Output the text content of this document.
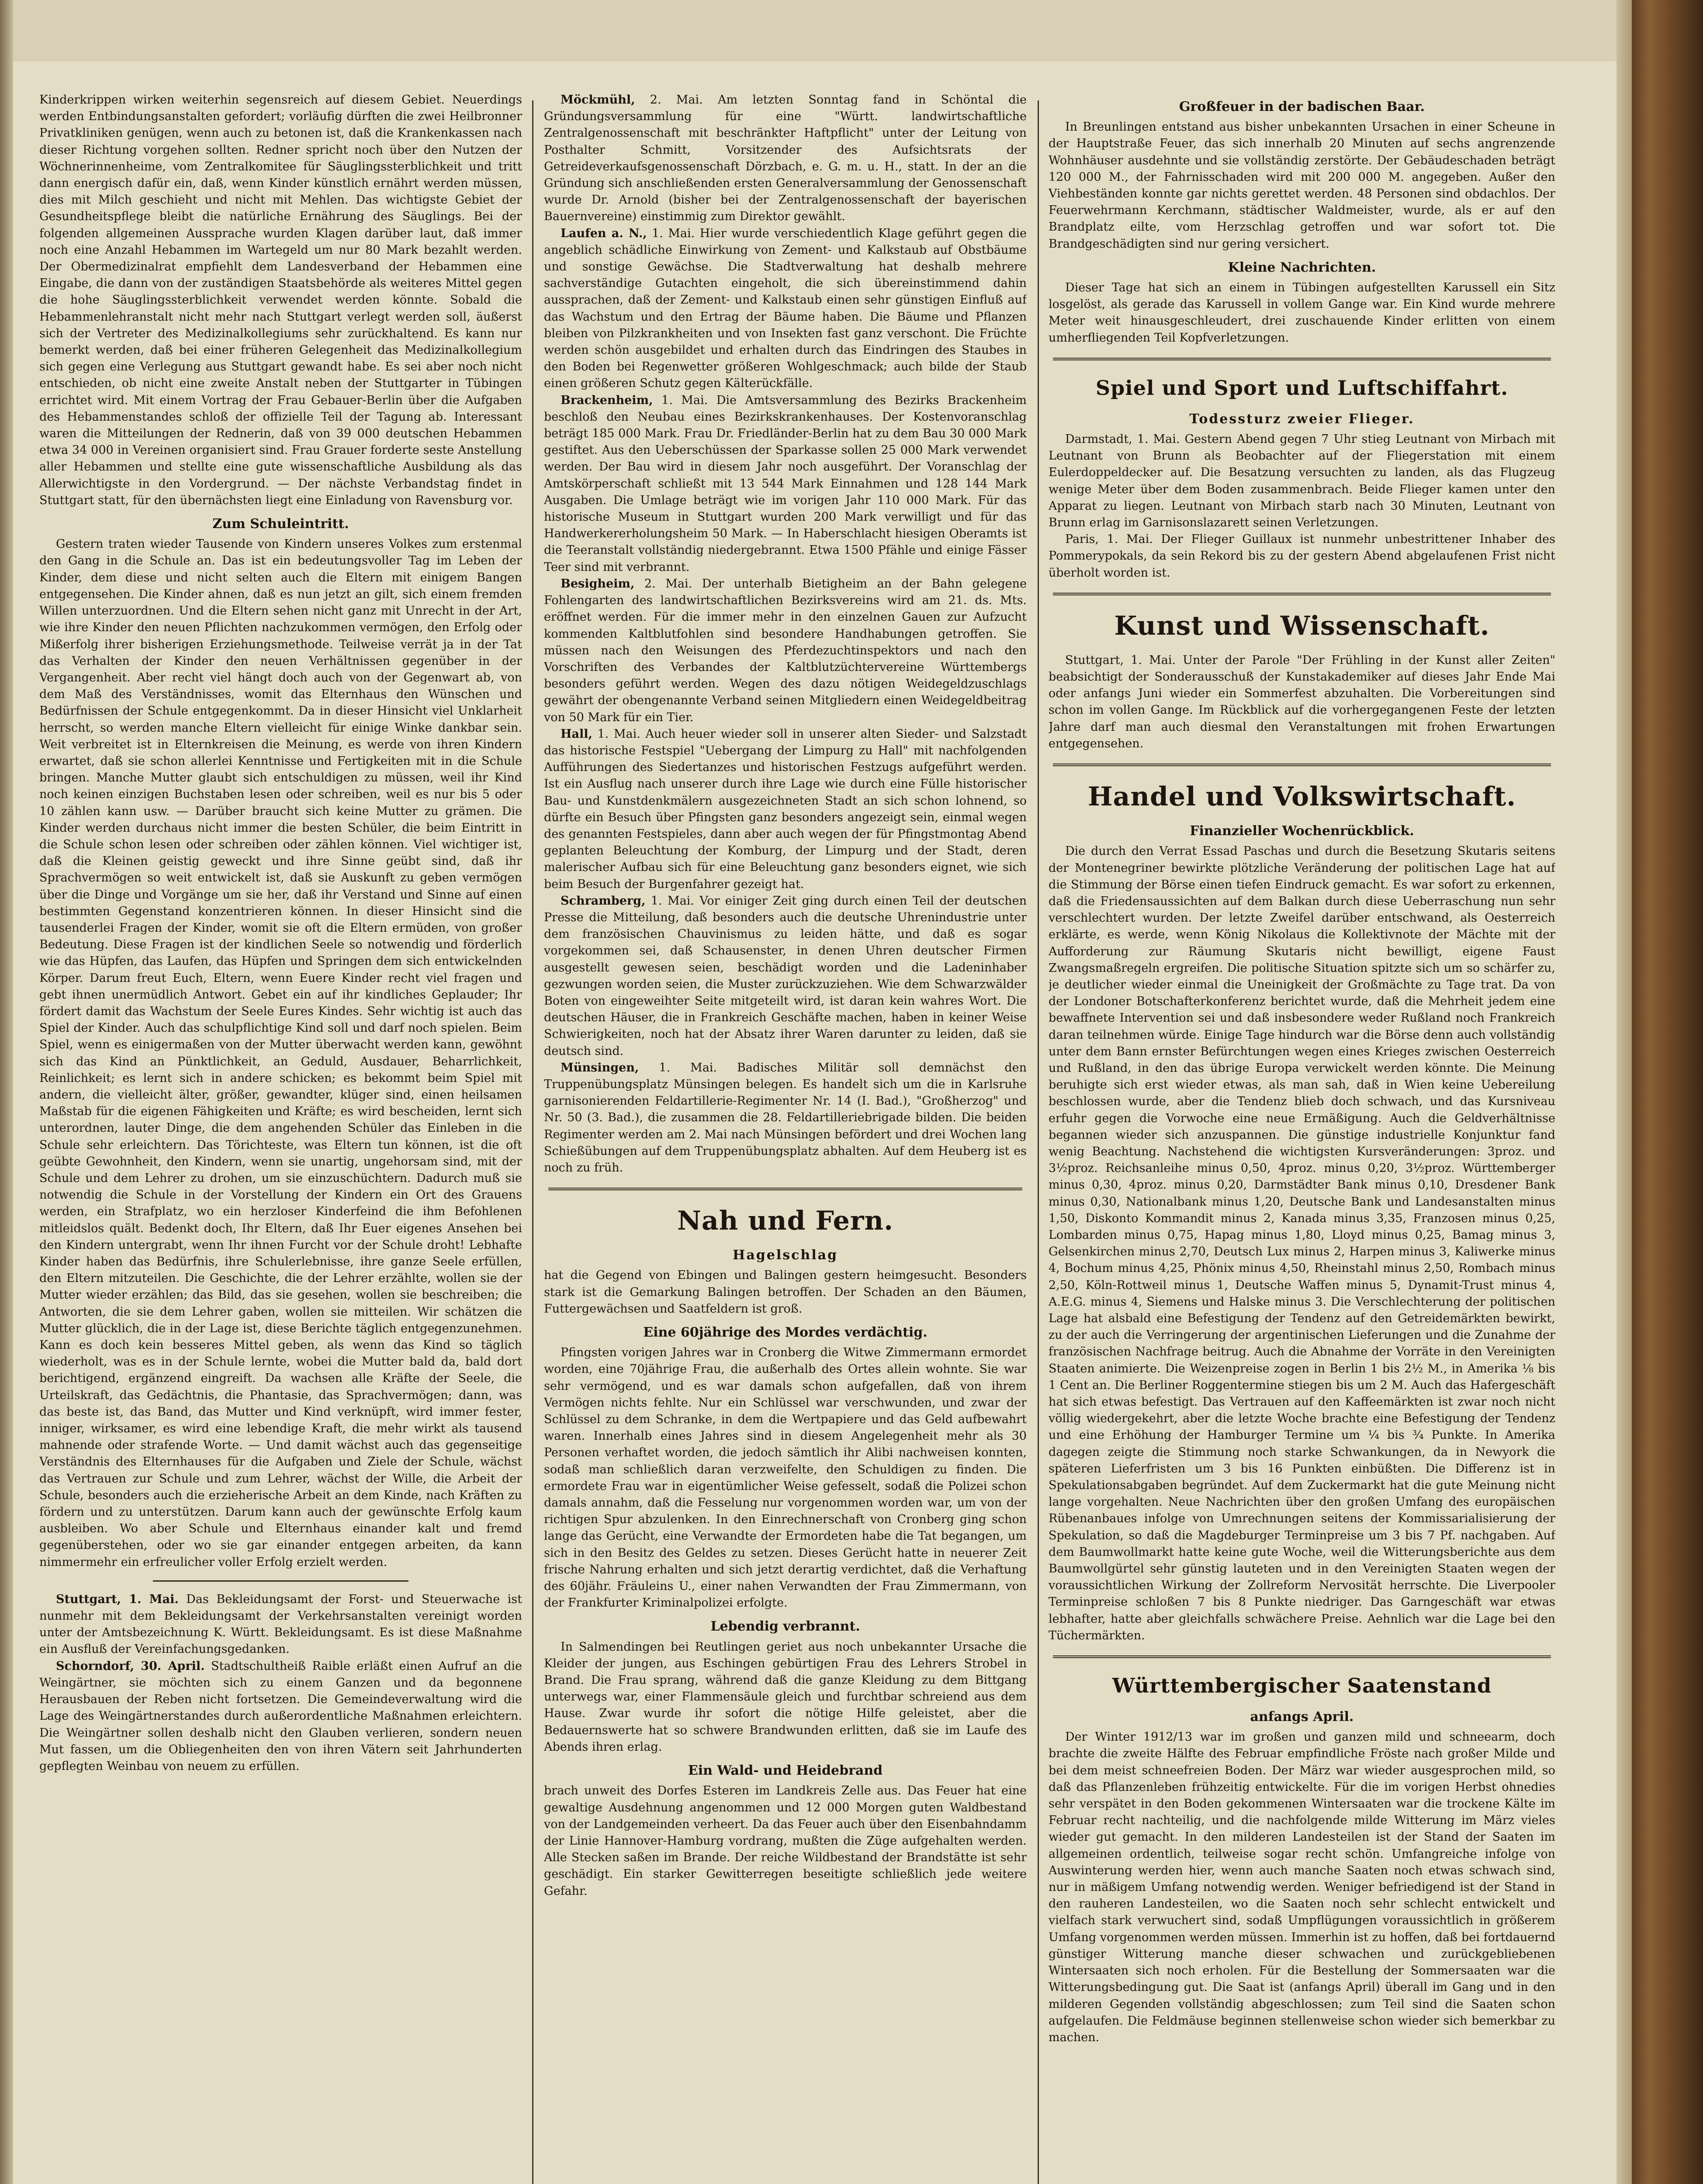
Kinderkrippen wirken weiterhin segensreich auf diesem Gebiet. Neuerdings werden Entbindungsanstalten gefordert; vorläufig dürften die zwei Heilbronner Privatkliniken genügen, wenn auch zu betonen ist, daß die Krankenkassen nach dieser Richtung vorgehen sollten. Redner spricht noch über den Nutzen der Wöchnerinnenheime, vom Zentralkomitee für Säuglingssterblichkeit und tritt dann energisch dafür ein, daß, wenn Kinder künstlich ernährt werden müssen, dies mit Milch geschieht und nicht mit Mehlen. Das wichtigste Gebiet der Gesundheitspflege bleibt die natürliche Ernährung des Säuglings. Bei der folgenden allgemeinen Aussprache wurden Klagen darüber laut, daß immer noch eine Anzahl Hebammen im Wartegeld um nur 80 Mark bezahlt werden. Der Obermedizinalrat empfiehlt dem Landesverband der Hebammen eine Eingabe, die dann von der zuständigen Staatsbehörde als weiteres Mittel gegen die hohe Säuglingssterblichkeit verwendet werden könnte. Sobald die Hebammenlehranstalt nicht mehr nach Stuttgart verlegt werden soll, äußerst sich der Vertreter des Medizinalkollegiums sehr zurückhaltend. Es kann nur bemerkt werden, daß bei einer früheren Gelegenheit das Medizinalkollegium sich gegen eine Verlegung aus Stuttgart gewandt habe. Es sei aber noch nicht entschieden, ob nicht eine zweite Anstalt neben der Stuttgarter in Tübingen errichtet wird. Mit einem Vortrag der Frau Gebauer-Berlin über die Aufgaben des Hebammenstandes schloß der offizielle Teil der Tagung ab. Interessant waren die Mitteilungen der Rednerin, daß von 39 000 deutschen Hebammen etwa 34 000 in Vereinen organisiert sind. Frau Grauer forderte seste Anstellung aller Hebammen und stellte eine gute wissenschaftliche Ausbildung als das Allerwichtigste in den Vordergrund. — Der nächste Verbandstag findet in Stuttgart statt, für den übernächsten liegt eine Einladung von Ravensburg vor.

Zum Schuleintritt.

Gestern traten wieder Tausende von Kindern unseres Volkes zum erstenmal den Gang in die Schule an. Das ist ein bedeutungsvoller Tag im Leben der Kinder, dem diese und nicht selten auch die Eltern mit einigem Bangen entgegensehen. Die Kinder ahnen, daß es nun jetzt an gilt, sich einem fremden Willen unterzuordnen. Und die Eltern sehen nicht ganz mit Unrecht in der Art, wie ihre Kinder den neuen Pflichten nachzukommen vermögen, den Erfolg oder Mißerfolg ihrer bisherigen Erziehungsmethode. Teilweise verrät ja in der Tat das Verhalten der Kinder den neuen Verhältnissen gegenüber in der Vergangenheit. Aber recht viel hängt doch auch von der Gegenwart ab, von dem Maß des Verständnisses, womit das Elternhaus den Wünschen und Bedürfnissen der Schule entgegenkommt. Da in dieser Hinsicht viel Unklarheit herrscht, so werden manche Eltern vielleicht für einige Winke dankbar sein. Weit verbreitet ist in Elternkreisen die Meinung, es werde von ihren Kindern erwartet, daß sie schon allerlei Kenntnisse und Fertigkeiten mit in die Schule bringen. Manche Mutter glaubt sich entschuldigen zu müssen, weil ihr Kind noch keinen einzigen Buchstaben lesen oder schreiben, weil es nur bis 5 oder 10 zählen kann usw. — Darüber braucht sich keine Mutter zu grämen. Die Kinder werden durchaus nicht immer die besten Schüler, die beim Eintritt in die Schule schon lesen oder schreiben oder zählen können. Viel wichtiger ist, daß die Kleinen geistig geweckt und ihre Sinne geübt sind, daß ihr Sprachvermögen so weit entwickelt ist, daß sie Auskunft zu geben vermögen über die Dinge und Vorgänge um sie her, daß ihr Verstand und Sinne auf einen bestimmten Gegenstand konzentrieren können. In dieser Hinsicht sind die tausenderlei Fragen der Kinder, womit sie oft die Eltern ermüden, von großer Bedeutung. Diese Fragen ist der kindlichen Seele so notwendig und förderlich wie das Hüpfen, das Laufen, das Hüpfen und Springen dem sich entwickelnden Körper. Darum freut Euch, Eltern, wenn Euere Kinder recht viel fragen und gebt ihnen unermüdlich Antwort. Gebet ein auf ihr kindliches Geplauder; Ihr fördert damit das Wachstum der Seele Eures Kindes. Sehr wichtig ist auch das Spiel der Kinder. Auch das schulpflichtige Kind soll und darf noch spielen. Beim Spiel, wenn es einigermaßen von der Mutter überwacht werden kann, gewöhnt sich das Kind an Pünktlichkeit, an Geduld, Ausdauer, Beharrlichkeit, Reinlichkeit; es lernt sich in andere schicken; es bekommt beim Spiel mit andern, die vielleicht älter, größer, gewandter, klüger sind, einen heilsamen Maßstab für die eigenen Fähigkeiten und Kräfte; es wird bescheiden, lernt sich unterordnen, lauter Dinge, die dem angehenden Schüler das Einleben in die Schule sehr erleichtern. Das Törichteste, was Eltern tun können, ist die oft geübte Gewohnheit, den Kindern, wenn sie unartig, ungehorsam sind, mit der Schule und dem Lehrer zu drohen, um sie einzuschüchtern. Dadurch muß sie notwendig die Schule in der Vorstellung der Kindern ein Ort des Grauens werden, ein Strafplatz, wo ein herzloser Kinderfeind die ihm Befohlenen mitleidslos quält. Bedenkt doch, Ihr Eltern, daß Ihr Euer eigenes Ansehen bei den Kindern untergrabt, wenn Ihr ihnen Furcht vor der Schule droht! Lebhafte Kinder haben das Bedürfnis, ihre Schulerlebnisse, ihre ganze Seele erfüllen, den Eltern mitzuteilen. Die Geschichte, die der Lehrer erzählte, wollen sie der Mutter wieder erzählen; das Bild, das sie gesehen, wollen sie beschreiben; die Antworten, die sie dem Lehrer gaben, wollen sie mitteilen. Wir schätzen die Mutter glücklich, die in der Lage ist, diese Berichte täglich entgegenzunehmen. Kann es doch kein besseres Mittel geben, als wenn das Kind so täglich wiederholt, was es in der Schule lernte, wobei die Mutter bald da, bald dort berichtigend, ergänzend eingreift. Da wachsen alle Kräfte der Seele, die Urteilskraft, das Gedächtnis, die Phantasie, das Sprachvermögen; dann, was das beste ist, das Band, das Mutter und Kind verknüpft, wird immer fester, inniger, wirksamer, es wird eine lebendige Kraft, die mehr wirkt als tausend mahnende oder strafende Worte. — Und damit wächst auch das gegenseitige Verständnis des Elternhauses für die Aufgaben und Ziele der Schule, wächst das Vertrauen zur Schule und zum Lehrer, wächst der Wille, die Arbeit der Schule, besonders auch die erzieherische Arbeit an dem Kinde, nach Kräften zu fördern und zu unterstützen. Darum kann auch der gewünschte Erfolg kaum ausbleiben. Wo aber Schule und Elternhaus einander kalt und fremd gegenüberstehen, oder wo sie gar einander entgegen arbeiten, da kann nimmermehr ein erfreulicher voller Erfolg erzielt werden.

Stuttgart, 1. Mai. Das Bekleidungsamt der Forst- und Steuerwache ist nunmehr mit dem Bekleidungsamt der Verkehrsanstalten vereinigt worden unter der Amtsbezeichnung K. Württ. Bekleidungsamt. Es ist diese Maßnahme ein Ausfluß der Vereinfachungsgedanken.

Schorndorf, 30. April. Stadtschultheiß Raible erläßt einen Aufruf an die Weingärtner, sie möchten sich zu einem Ganzen und da begonnene Herausbauen der Reben nicht fortsetzen. Die Gemeindeverwaltung wird die Lage des Weingärtnerstandes durch außerordentliche Maßnahmen erleichtern. Die Weingärtner sollen deshalb nicht den Glauben verlieren, sondern neuen Mut fassen, um die Obliegenheiten den von ihren Vätern seit Jahrhunderten gepflegten Weinbau von neuem zu erfüllen.

Möckmühl, 2. Mai. Am letzten Sonntag fand in Schöntal die Gründungsversammlung für eine "Württ. landwirtschaftliche Zentralgenossenschaft mit beschränkter Haftpflicht" unter der Leitung von Posthalter Schmitt, Vorsitzender des Aufsichtsrats der Getreideverkaufsgenossenschaft Dörzbach, e. G. m. u. H., statt. In der an die Gründung sich anschließenden ersten Generalversammlung der Genossenschaft wurde Dr. Arnold (bisher bei der Zentralgenossenschaft der bayerischen Bauernvereine) einstimmig zum Direktor gewählt.

Laufen a. N., 1. Mai. Hier wurde verschiedentlich Klage geführt gegen die angeblich schädliche Einwirkung von Zement- und Kalkstaub auf Obstbäume und sonstige Gewächse. Die Stadtverwaltung hat deshalb mehrere sachverständige Gutachten eingeholt, die sich übereinstimmend dahin aussprachen, daß der Zement- und Kalkstaub einen sehr günstigen Einfluß auf das Wachstum und den Ertrag der Bäume haben. Die Bäume und Pflanzen bleiben von Pilzkrankheiten und von Insekten fast ganz verschont. Die Früchte werden schön ausgebildet und erhalten durch das Eindringen des Staubes in den Boden bei Regenwetter größeren Wohlgeschmack; auch bilde der Staub einen größeren Schutz gegen Kälterückfälle.

Brackenheim, 1. Mai. Die Amtsversammlung des Bezirks Brackenheim beschloß den Neubau eines Bezirkskrankenhauses. Der Kostenvoranschlag beträgt 185 000 Mark. Frau Dr. Friedländer-Berlin hat zu dem Bau 30 000 Mark gestiftet. Aus den Ueberschüssen der Sparkasse sollen 25 000 Mark verwendet werden. Der Bau wird in diesem Jahr noch ausgeführt. Der Voranschlag der Amtskörperschaft schließt mit 13 544 Mark Einnahmen und 128 144 Mark Ausgaben. Die Umlage beträgt wie im vorigen Jahr 110 000 Mark. Für das historische Museum in Stuttgart wurden 200 Mark verwilligt und für das Handwerkererholungsheim 50 Mark. — In Haberschlacht hiesigen Oberamts ist die Teeranstalt vollständig niedergebrannt. Etwa 1500 Pfähle und einige Fässer Teer sind mit verbrannt.

Besigheim, 2. Mai. Der unterhalb Bietigheim an der Bahn gelegene Fohlengarten des landwirtschaftlichen Bezirksvereins wird am 21. ds. Mts. eröffnet werden. Für die immer mehr in den einzelnen Gauen zur Aufzucht kommenden Kaltblutfohlen sind besondere Handhabungen getroffen. Sie müssen nach den Weisungen des Pferdezuchtinspektors und nach den Vorschriften des Verbandes der Kaltblutzüchtervereine Württembergs besonders geführt werden. Wegen des dazu nötigen Weidegeldzuschlags gewährt der obengenannte Verband seinen Mitgliedern einen Weidegeldbeitrag von 50 Mark für ein Tier.

Hall, 1. Mai. Auch heuer wieder soll in unserer alten Sieder- und Salzstadt das historische Festspiel "Uebergang der Limpurg zu Hall" mit nachfolgenden Aufführungen des Siedertanzes und historischen Festzugs aufgeführt werden. Ist ein Ausflug nach unserer durch ihre Lage wie durch eine Fülle historischer Bau- und Kunstdenkmälern ausgezeichneten Stadt an sich schon lohnend, so dürfte ein Besuch über Pfingsten ganz besonders angezeigt sein, einmal wegen des genannten Festspieles, dann aber auch wegen der für Pfingstmontag Abend geplanten Beleuchtung der Komburg, der Limpurg und der Stadt, deren malerischer Aufbau sich für eine Beleuchtung ganz besonders eignet, wie sich beim Besuch der Burgenfahrer gezeigt hat.

Schramberg, 1. Mai. Vor einiger Zeit ging durch einen Teil der deutschen Presse die Mitteilung, daß besonders auch die deutsche Uhrenindustrie unter dem französischen Chauvinismus zu leiden hätte, und daß es sogar vorgekommen sei, daß Schausenster, in denen Uhren deutscher Firmen ausgestellt gewesen seien, beschädigt worden und die Ladeninhaber gezwungen worden seien, die Muster zurückzuziehen. Wie dem Schwarzwälder Boten von eingeweihter Seite mitgeteilt wird, ist daran kein wahres Wort. Die deutschen Häuser, die in Frankreich Geschäfte machen, haben in keiner Weise Schwierigkeiten, noch hat der Absatz ihrer Waren darunter zu leiden, daß sie deutsch sind.

Münsingen, 1. Mai. Badisches Militär soll demnächst den Truppenübungsplatz Münsingen belegen. Es handelt sich um die in Karlsruhe garnisonierenden Feldartillerie-Regimenter Nr. 14 (I. Bad.), "Großherzog" und Nr. 50 (3. Bad.), die zusammen die 28. Feldartilleriebrigade bilden. Die beiden Regimenter werden am 2. Mai nach Münsingen befördert und drei Wochen lang Schießübungen auf dem Truppenübungsplatz abhalten. Auf dem Heuberg ist es noch zu früh.

Nah und Fern.
Hagelschlag

hat die Gegend von Ebingen und Balingen gestern heimgesucht. Besonders stark ist die Gemarkung Balingen betroffen. Der Schaden an den Bäumen, Futtergewächsen und Saatfeldern ist groß.

Eine 60jährige des Mordes verdächtig.

Pfingsten vorigen Jahres war in Cronberg die Witwe Zimmermann ermordet worden, eine 70jährige Frau, die außerhalb des Ortes allein wohnte. Sie war sehr vermögend, und es war damals schon aufgefallen, daß von ihrem Vermögen nichts fehlte. Nur ein Schlüssel war verschwunden, und zwar der Schlüssel zu dem Schranke, in dem die Wertpapiere und das Geld aufbewahrt waren. Innerhalb eines Jahres sind in diesem Angelegenheit mehr als 30 Personen verhaftet worden, die jedoch sämtlich ihr Alibi nachweisen konnten, sodaß man schließlich daran verzweifelte, den Schuldigen zu finden. Die ermordete Frau war in eigentümlicher Weise gefesselt, sodaß die Polizei schon damals annahm, daß die Fesselung nur vorgenommen worden war, um von der richtigen Spur abzulenken. In den Einrechnerschaft von Cronberg ging schon lange das Gerücht, eine Verwandte der Ermordeten habe die Tat begangen, um sich in den Besitz des Geldes zu setzen. Dieses Gerücht hatte in neuerer Zeit frische Nahrung erhalten und sich jetzt derartig verdichtet, daß die Verhaftung des 60jähr. Fräuleins U., einer nahen Verwandten der Frau Zimmermann, von der Frankfurter Kriminalpolizei erfolgte.

Lebendig verbrannt.

In Salmendingen bei Reutlingen geriet aus noch unbekannter Ursache die Kleider der jungen, aus Eschingen gebürtigen Frau des Lehrers Strobel in Brand. Die Frau sprang, während daß die ganze Kleidung zu dem Bittgang unterwegs war, einer Flammensäule gleich und furchtbar schreiend aus dem Hause. Zwar wurde ihr sofort die nötige Hilfe geleistet, aber die Bedauernswerte hat so schwere Brandwunden erlitten, daß sie im Laufe des Abends ihren erlag.

Ein Wald- und Heidebrand

brach unweit des Dorfes Esteren im Landkreis Zelle aus. Das Feuer hat eine gewaltige Ausdehnung angenommen und 12 000 Morgen guten Waldbestand von der Landgemeinden verheert. Da das Feuer auch über den Eisenbahndamm der Linie Hannover-Hamburg vordrang, mußten die Züge aufgehalten werden. Alle Stecken saßen im Brande. Der reiche Wildbestand der Brandstätte ist sehr geschädigt. Ein starker Gewitterregen beseitigte schließlich jede weitere Gefahr.

Großfeuer in der badischen Baar.

In Breunlingen entstand aus bisher unbekannten Ursachen in einer Scheune in der Hauptstraße Feuer, das sich innerhalb 20 Minuten auf sechs angrenzende Wohnhäuser ausdehnte und sie vollständig zerstörte. Der Gebäudeschaden beträgt 120 000 M., der Fahrnisschaden wird mit 200 000 M. angegeben. Außer den Viehbeständen konnte gar nichts gerettet werden. 48 Personen sind obdachlos. Der Feuerwehrmann Kerchmann, städtischer Waldmeister, wurde, als er auf den Brandplatz eilte, vom Herzschlag getroffen und war sofort tot. Die Brandgeschädigten sind nur gering versichert.

Kleine Nachrichten.

Dieser Tage hat sich an einem in Tübingen aufgestellten Karussell ein Sitz losgelöst, als gerade das Karussell in vollem Gange war. Ein Kind wurde mehrere Meter weit hinausgeschleudert, drei zuschauende Kinder erlitten von einem umherfliegenden Teil Kopfverletzungen.

Spiel und Sport und Luftschiffahrt.
Todessturz zweier Flieger.

Darmstadt, 1. Mai. Gestern Abend gegen 7 Uhr stieg Leutnant von Mirbach mit Leutnant von Brunn als Beobachter auf der Fliegerstation mit einem Eulerdoppeldecker auf. Die Besatzung versuchten zu landen, als das Flugzeug wenige Meter über dem Boden zusammenbrach. Beide Flieger kamen unter den Apparat zu liegen. Leutnant von Mirbach starb nach 30 Minuten, Leutnant von Brunn erlag im Garnisonslazarett seinen Verletzungen.

Paris, 1. Mai. Der Flieger Guillaux ist nunmehr unbestrittener Inhaber des Pommerypokals, da sein Rekord bis zu der gestern Abend abgelaufenen Frist nicht überholt worden ist.

Kunst und Wissenschaft.

Stuttgart, 1. Mai. Unter der Parole "Der Frühling in der Kunst aller Zeiten" beabsichtigt der Sonderausschuß der Kunstakademiker auf dieses Jahr Ende Mai oder anfangs Juni wieder ein Sommerfest abzuhalten. Die Vorbereitungen sind schon im vollen Gange. Im Rückblick auf die vorhergegangenen Feste der letzten Jahre darf man auch diesmal den Veranstaltungen mit frohen Erwartungen entgegensehen.

Handel und Volkswirtschaft.
Finanzieller Wochenrückblick.

Die durch den Verrat Essad Paschas und durch die Besetzung Skutaris seitens der Montenegriner bewirkte plötzliche Veränderung der politischen Lage hat auf die Stimmung der Börse einen tiefen Eindruck gemacht. Es war sofort zu erkennen, daß die Friedensaussichten auf dem Balkan durch diese Ueberraschung nun sehr verschlechtert wurden. Der letzte Zweifel darüber entschwand, als Oesterreich erklärte, es werde, wenn König Nikolaus die Kollektivnote der Mächte mit der Aufforderung zur Räumung Skutaris nicht bewilligt, eigene Faust Zwangsmaßregeln ergreifen. Die politische Situation spitzte sich um so schärfer zu, je deutlicher wieder einmal die Uneinigkeit der Großmächte zu Tage trat. Da von der Londoner Botschafterkonferenz berichtet wurde, daß die Mehrheit jedem eine bewaffnete Intervention sei und daß insbesondere weder Rußland noch Frankreich daran teilnehmen würde. Einige Tage hindurch war die Börse denn auch vollständig unter dem Bann ernster Befürchtungen wegen eines Krieges zwischen Oesterreich und Rußland, in den das übrige Europa verwickelt werden könnte. Die Meinung beruhigte sich erst wieder etwas, als man sah, daß in Wien keine Uebereilung beschlossen wurde, aber die Tendenz blieb doch schwach, und das Kursniveau erfuhr gegen die Vorwoche eine neue Ermäßigung. Auch die Geldverhältnisse begannen wieder sich anzuspannen. Die günstige industrielle Konjunktur fand wenig Beachtung. Nachstehend die wichtigsten Kursveränderungen: 3proz. und 3½proz. Reichsanleihe minus 0,50, 4proz. minus 0,20, 3½proz. Württemberger minus 0,30, 4proz. minus 0,20, Darmstädter Bank minus 0,10, Dresdener Bank minus 0,30, Nationalbank minus 1,20, Deutsche Bank und Landesanstalten minus 1,50, Diskonto Kommandit minus 2, Kanada minus 3,35, Franzosen minus 0,25, Lombarden minus 0,75, Hapag minus 1,80, Lloyd minus 0,25, Bamag minus 3, Gelsenkirchen minus 2,70, Deutsch Lux minus 2, Harpen minus 3, Kaliwerke minus 4, Bochum minus 4,25, Phönix minus 4,50, Rheinstahl minus 2,50, Rombach minus 2,50, Köln-Rottweil minus 1, Deutsche Waffen minus 5, Dynamit-Trust minus 4, A.E.G. minus 4, Siemens und Halske minus 3. Die Verschlechterung der politischen Lage hat alsbald eine Befestigung der Tendenz auf den Getreidemärkten bewirkt, zu der auch die Verringerung der argentinischen Lieferungen und die Zunahme der französischen Nachfrage beitrug. Auch die Abnahme der Vorräte in den Vereinigten Staaten animierte. Die Weizenpreise zogen in Berlin 1 bis 2½ M., in Amerika ⅛ bis 1 Cent an. Die Berliner Roggentermine stiegen bis um 2 M. Auch das Hafergeschäft hat sich etwas befestigt. Das Vertrauen auf den Kaffeemärkten ist zwar noch nicht völlig wiedergekehrt, aber die letzte Woche brachte eine Befestigung der Tendenz und eine Erhöhung der Hamburger Termine um ¼ bis ¾ Punkte. In Amerika dagegen zeigte die Stimmung noch starke Schwankungen, da in Newyork die späteren Lieferfristen um 3 bis 16 Punkten einbüßten. Die Differenz ist in Spekulationsabgaben begründet. Auf dem Zuckermarkt hat die gute Meinung nicht lange vorgehalten. Neue Nachrichten über den großen Umfang des europäischen Rübenanbaues infolge von Umrechnungen seitens der Kommissarialisierung der Spekulation, so daß die Magdeburger Terminpreise um 3 bis 7 Pf. nachgaben. Auf dem Baumwollmarkt hatte keine gute Woche, weil die Witterungsberichte aus dem Baumwollgürtel sehr günstig lauteten und in den Vereinigten Staaten wegen der voraussichtlichen Wirkung der Zollreform Nervosität herrschte. Die Liverpooler Terminpreise schloßen 7 bis 8 Punkte niedriger. Das Garngeschäft war etwas lebhafter, hatte aber gleichfalls schwächere Preise. Aehnlich war die Lage bei den Tüchermärkten.

Württembergischer Saatenstand
anfangs April.

Der Winter 1912/13 war im großen und ganzen mild und schneearm, doch brachte die zweite Hälfte des Februar empfindliche Fröste nach großer Milde und bei dem meist schneefreien Boden. Der März war wieder ausgesprochen mild, so daß das Pflanzenleben frühzeitig entwickelte. Für die im vorigen Herbst ohnedies sehr verspätet in den Boden gekommenen Wintersaaten war die trockene Kälte im Februar recht nachteilig, und die nachfolgende milde Witterung im März vieles wieder gut gemacht. In den milderen Landesteilen ist der Stand der Saaten im allgemeinen ordentlich, teilweise sogar recht schön. Umfangreiche infolge von Auswinterung werden hier, wenn auch manche Saaten noch etwas schwach sind, nur in mäßigem Umfang notwendig werden. Weniger befriedigend ist der Stand in den rauheren Landesteilen, wo die Saaten noch sehr schlecht entwickelt und vielfach stark verwuchert sind, sodaß Umpflügungen voraussichtlich in größerem Umfang vorgenommen werden müssen. Immerhin ist zu hoffen, daß bei fortdauernd günstiger Witterung manche dieser schwachen und zurückgebliebenen Wintersaaten sich noch erholen. Für die Bestellung der Sommersaaten war die Witterungsbedingung gut. Die Saat ist (anfangs April) überall im Gang und in den milderen Gegenden vollständig abgeschlossen; zum Teil sind die Saaten schon aufgelaufen. Die Feldmäuse beginnen stellenweise schon wieder sich bemerkbar zu machen.
